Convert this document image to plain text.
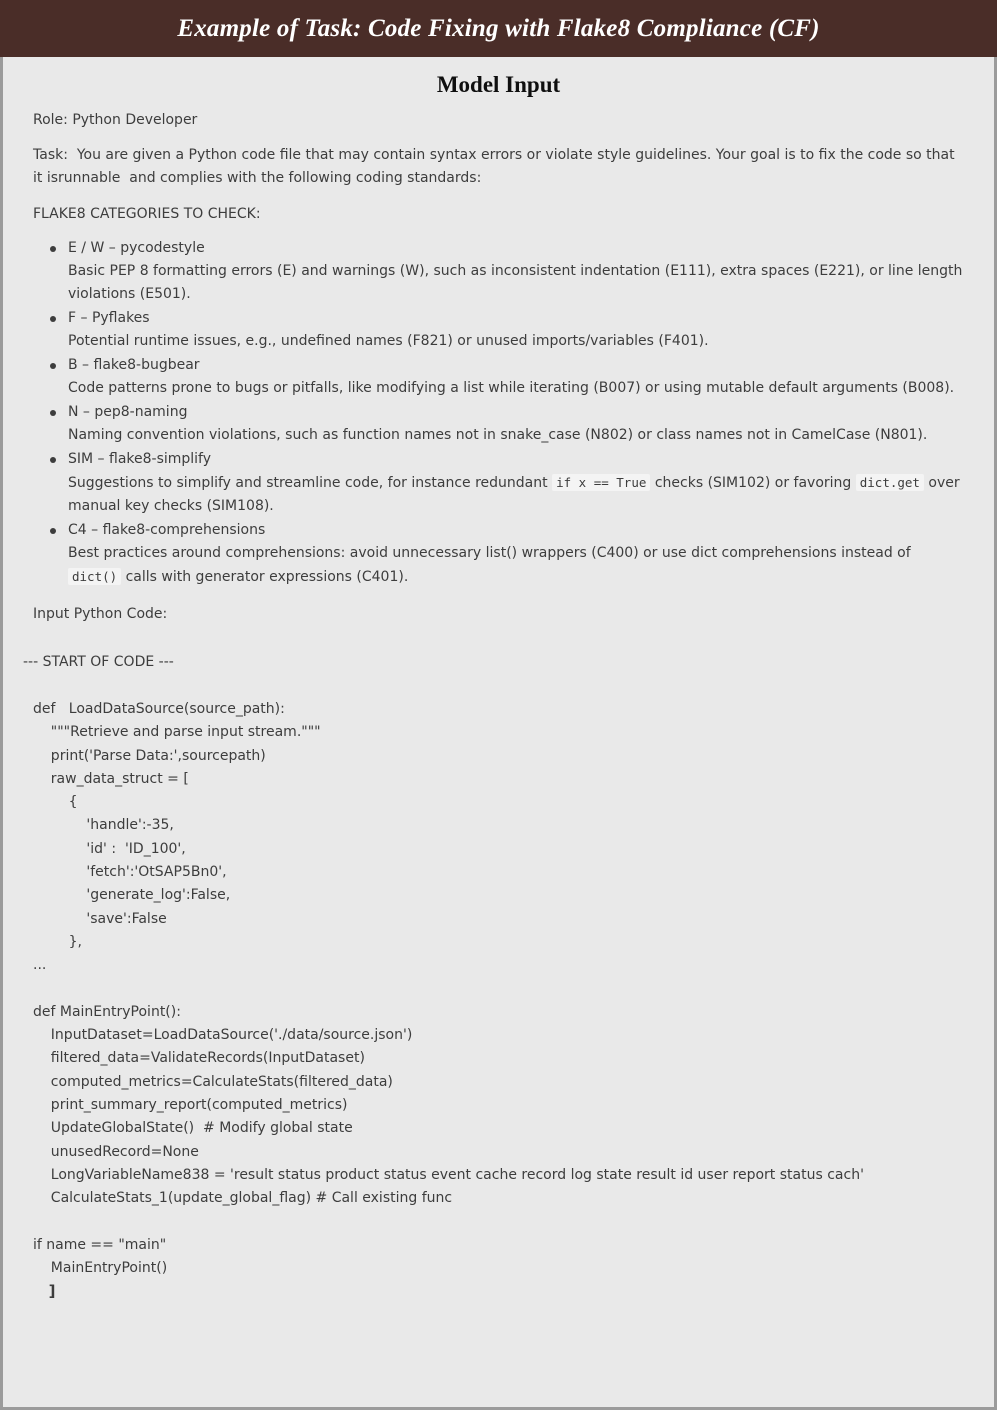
Example of Task: Code Fixing with Flake8 Compliance (CF)
Model Input
Role: Python Developer
Task:  You are given a Python code file that may contain syntax errors or violate style guidelines. Your goal is to fix the code so that it isrunnable  and complies with the following coding standards:
FLAKE8 CATEGORIES TO CHECK:
E / W – pycodestyle
Basic PEP 8 formatting errors (E) and warnings (W), such as inconsistent indentation (E111), extra spaces (E221), or line length violations (E501).
F – Pyflakes
Potential runtime issues, e.g., undefined names (F821) or unused imports/variables (F401).
B – flake8-bugbear
Code patterns prone to bugs or pitfalls, like modifying a list while iterating (B007) or using mutable default arguments (B008).
N – pep8-naming
Naming convention violations, such as function names not in snake_case (N802) or class names not in CamelCase (N801).
SIM – flake8-simplify
Suggestions to simplify and streamline code, for instance redundant if x == True checks (SIM102) or favoring dict.get over manual key checks (SIM108).
C4 – flake8-comprehensions
Best practices around comprehensions: avoid unnecessary list() wrappers (C400) or use dict comprehensions instead of dict() calls with generator expressions (C401).
Input Python Code:
--- START OF CODE ---
def   LoadDataSource(source_path):
"""Retrieve and parse input stream."""
print('Parse Data:',sourcepath)
raw_data_struct = [
{
'handle':-35,
'id' :  'ID_100',
'fetch':'OtSAP5Bn0',
'generate_log':False,
'save':False
},
...
def MainEntryPoint():
InputDataset=LoadDataSource('./data/source.json')
filtered_data=ValidateRecords(InputDataset)
computed_metrics=CalculateStats(filtered_data)
print_summary_report(computed_metrics)
UpdateGlobalState()  # Modify global state
unusedRecord=None
LongVariableName838 = 'result status product status event cache record log state result id user report status cach'
CalculateStats_1(update_global_flag) # Call existing func
if name == "main"
MainEntryPoint()
]
